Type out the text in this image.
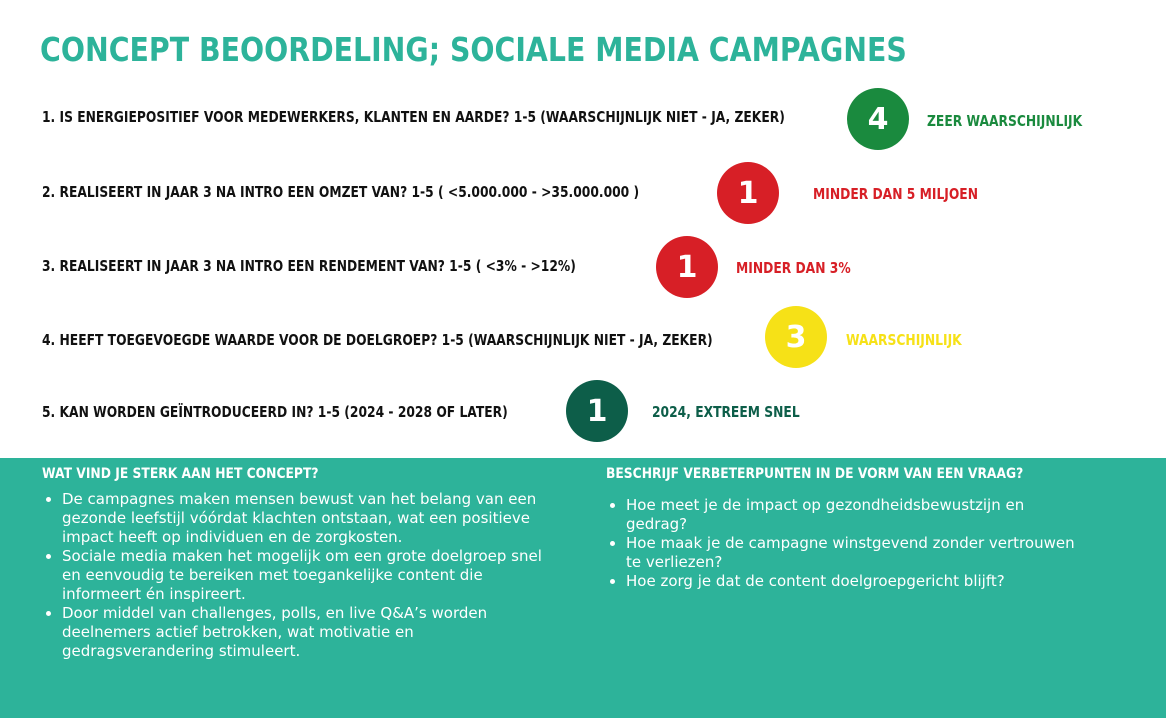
CONCEPT BEOORDELING; SOCIALE MEDIA CAMPAGNES
1. IS ENERGIEPOSITIEF VOOR MEDEWERKERS, KLANTEN EN AARDE? 1-5 (WAARSCHIJNLIJK NIET - JA, ZEKER)	4	ZEER WAARSCHIJNLIJK
2. REALISEERT IN JAAR 3 NA INTRO EEN OMZET VAN? 1-5 ( <5.000.000 - >35.000.000 )	1	MINDER DAN 5 MILJOEN
3. REALISEERT IN JAAR 3 NA INTRO EEN RENDEMENT VAN? 1-5 ( <3% - >12%)	1	MINDER DAN 3%
4. HEEFT TOEGEVOEGDE WAARDE VOOR DE DOELGROEP? 1-5 (WAARSCHIJNLIJK NIET - JA, ZEKER)	3	WAARSCHIJNLIJK
5. KAN WORDEN GEÏNTRODUCEERD IN? 1-5 (2024 - 2028 OF LATER)	1	2024, EXTREEM SNEL
WAT VIND JE STERK AAN HET CONCEPT?
• De campagnes maken mensen bewust van het belang van een gezonde leefstijl vóórdat klachten ontstaan, wat een positieve impact heeft op individuen en de zorgkosten.
• Sociale media maken het mogelijk om een grote doelgroep snel en eenvoudig te bereiken met toegankelijke content die informeert én inspireert.
• Door middel van challenges, polls, en live Q&A’s worden deelnemers actief betrokken, wat motivatie en gedragsverandering stimuleert.
BESCHRIJF VERBETERPUNTEN IN DE VORM VAN EEN VRAAG?
• Hoe meet je de impact op gezondheidsbewustzijn en gedrag?
• Hoe maak je de campagne winstgevend zonder vertrouwen te verliezen?
• Hoe zorg je dat de content doelgroepgericht blijft?
